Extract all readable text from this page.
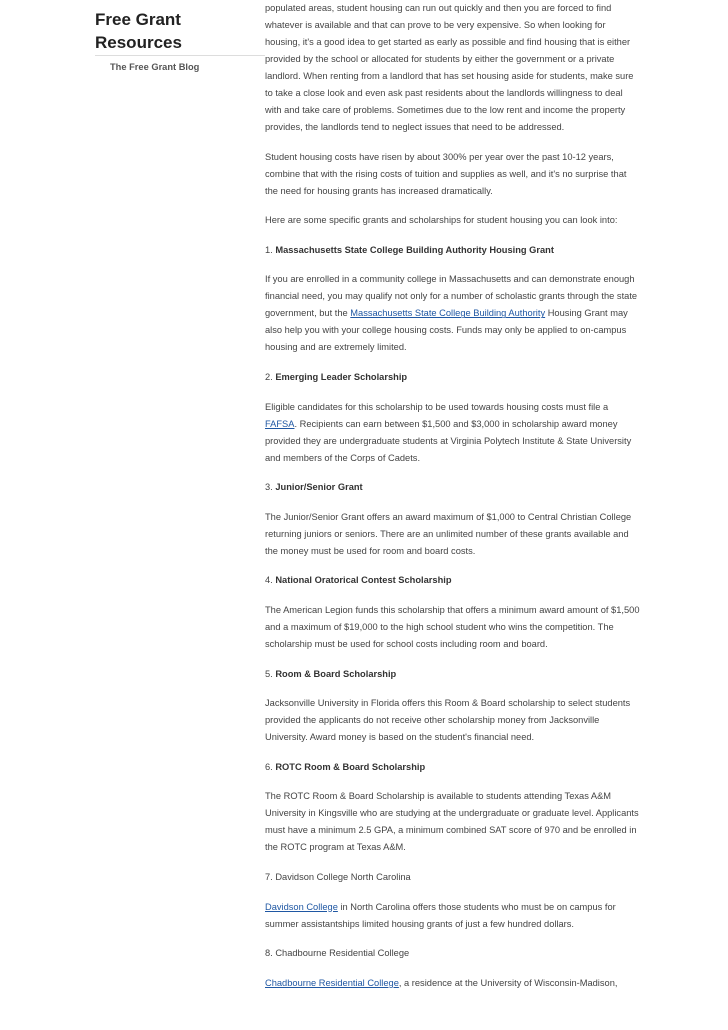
Free Grant
Resources
The Free Grant Blog

populated areas, student housing can run out quickly and then you are forced to find whatever is available and that can prove to be very expensive. So when looking for housing, it's a good idea to get started as early as possible and find housing that is either provided by the school or allocated for students by either the government or a private landlord. When renting from a landlord that has set housing aside for students, make sure to take a close look and even ask past residents about the landlords willingness to deal with and take care of problems. Sometimes due to the low rent and income the property provides, the landlords tend to neglect issues that need to be addressed.

Student housing costs have risen by about 300% per year over the past 10-12 years, combine that with the rising costs of tuition and supplies as well, and it's no surprise that the need for housing grants has increased dramatically.

Here are some specific grants and scholarships for student housing you can look into:

1. Massachusetts State College Building Authority Housing Grant

If you are enrolled in a community college in Massachusetts and can demonstrate enough financial need, you may qualify not only for a number of scholastic grants through the state government, but the Massachusetts State College Building Authority Housing Grant may also help you with your college housing costs. Funds may only be applied to on-campus housing and are extremely limited.

2. Emerging Leader Scholarship

Eligible candidates for this scholarship to be used towards housing costs must file a FAFSA. Recipients can earn between $1,500 and $3,000 in scholarship award money provided they are undergraduate students at Virginia Polytech Institute & State University and members of the Corps of Cadets.

3. Junior/Senior Grant

The Junior/Senior Grant offers an award maximum of $1,000 to Central Christian College returning juniors or seniors. There are an unlimited number of these grants available and the money must be used for room and board costs.

4. National Oratorical Contest Scholarship

The American Legion funds this scholarship that offers a minimum award amount of $1,500 and a maximum of $19,000 to the high school student who wins the competition. The scholarship must be used for school costs including room and board.

5. Room & Board Scholarship

Jacksonville University in Florida offers this Room & Board scholarship to select students provided the applicants do not receive other scholarship money from Jacksonville University. Award money is based on the student's financial need.

6. ROTC Room & Board Scholarship

The ROTC Room & Board Scholarship is available to students attending Texas A&M University in Kingsville who are studying at the undergraduate or graduate level. Applicants must have a minimum 2.5 GPA, a minimum combined SAT score of 970 and be enrolled in the ROTC program at Texas A&M.

7. Davidson College North Carolina

Davidson College in North Carolina offers those students who must be on campus for summer assistantships limited housing grants of just a few hundred dollars.

8. Chadbourne Residential College

Chadbourne Residential College, a residence at the University of Wisconsin-Madison,
